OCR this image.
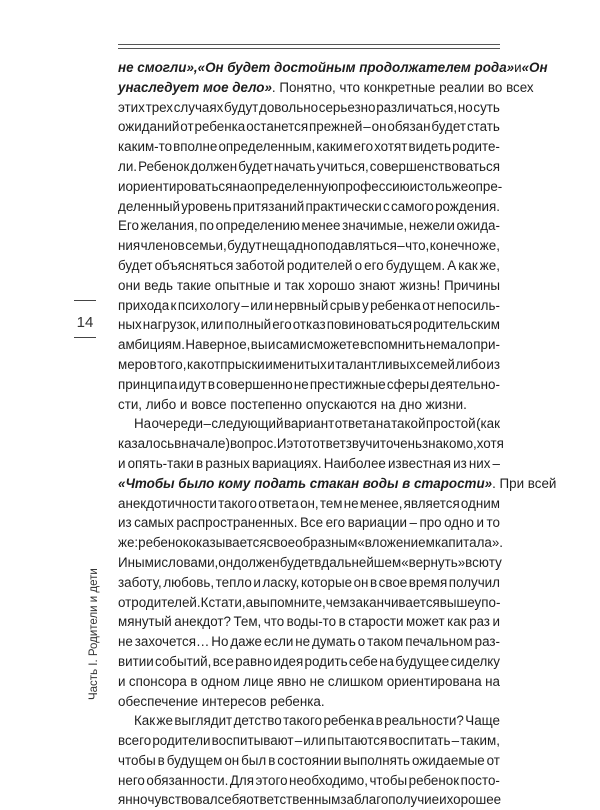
14
Часть I. Родители и дети
не смогли», «Он будет достойным продолжателем рода» и «Он
унаследует мое дело» . Понятно, что конкретные реалии во всех
этих трех случаях будут довольно серьезно различаться, но суть
ожиданий от ребенка останется прежней – он обязан будет стать
каким-то вполне определенным, каким его хотят видеть родите-
ли. Ребенок должен будет начать учиться, совершенствоваться
и ориентироваться на определенную профессию и столь же опре-
деленный уровень притязаний практически с самого рождения.
Его желания, по определению менее значимые, нежели ожида-
ния членов семьи, будут нещадно подавляться – что, конечно же,
будет объясняться заботой родителей о его будущем. А как же,
они ведь такие опытные и так хорошо знают жизнь! Причины
прихода к психологу – или нервный срыв у ребенка от непосиль-
ных нагрузок, или полный его отказ повиноваться родительским
амбициям. Наверное, вы и сами сможете вспомнить немало при-
меров того, как отпрыски именитых и талантливых семей либо из
принципа идут в совершенно не престижные сферы деятельно-
сти, либо и вовсе постепенно опускаются на дно жизни.
На очереди – следующий вариант ответа на такой простой (как
казалось вначале) вопрос. И этот ответ звучит очень знакомо, хотя
и опять-таки в разных вариациях. Наиболее известная из них –
«Чтобы было кому подать стакан воды в старости» . При всей
анекдотичности такого ответа он, тем не менее, является одним
из самых распространенных. Все его вариации – про одно и то
же: ребенок оказывается своеобразным «вложением капитала».
Иными словами, он должен будет в дальнейшем «вернуть» всю ту
заботу, любовь, тепло и ласку, которые он в свое время получил
от родителей. Кстати, а вы помните, чем заканчивается вышеупо-
мянутый анекдот? Тем, что воды-то в старости может как раз и
не захочется… Но даже если не думать о таком печальном раз-
витии событий, все равно идея родить себе на будущее сиделку
и спонсора в одном лице явно не слишком ориентирована на
обеспечение интересов ребенка.
Как же выглядит детство такого ребенка в реальности? Чаще
всего родители воспитывают – или пытаются воспитать – таким,
чтобы в будущем он был в состоянии выполнять ожидаемые от
него обязанности. Для этого необходимо, чтобы ребенок посто-
янно чувствовал себя ответственным за благополучие и хорошее
